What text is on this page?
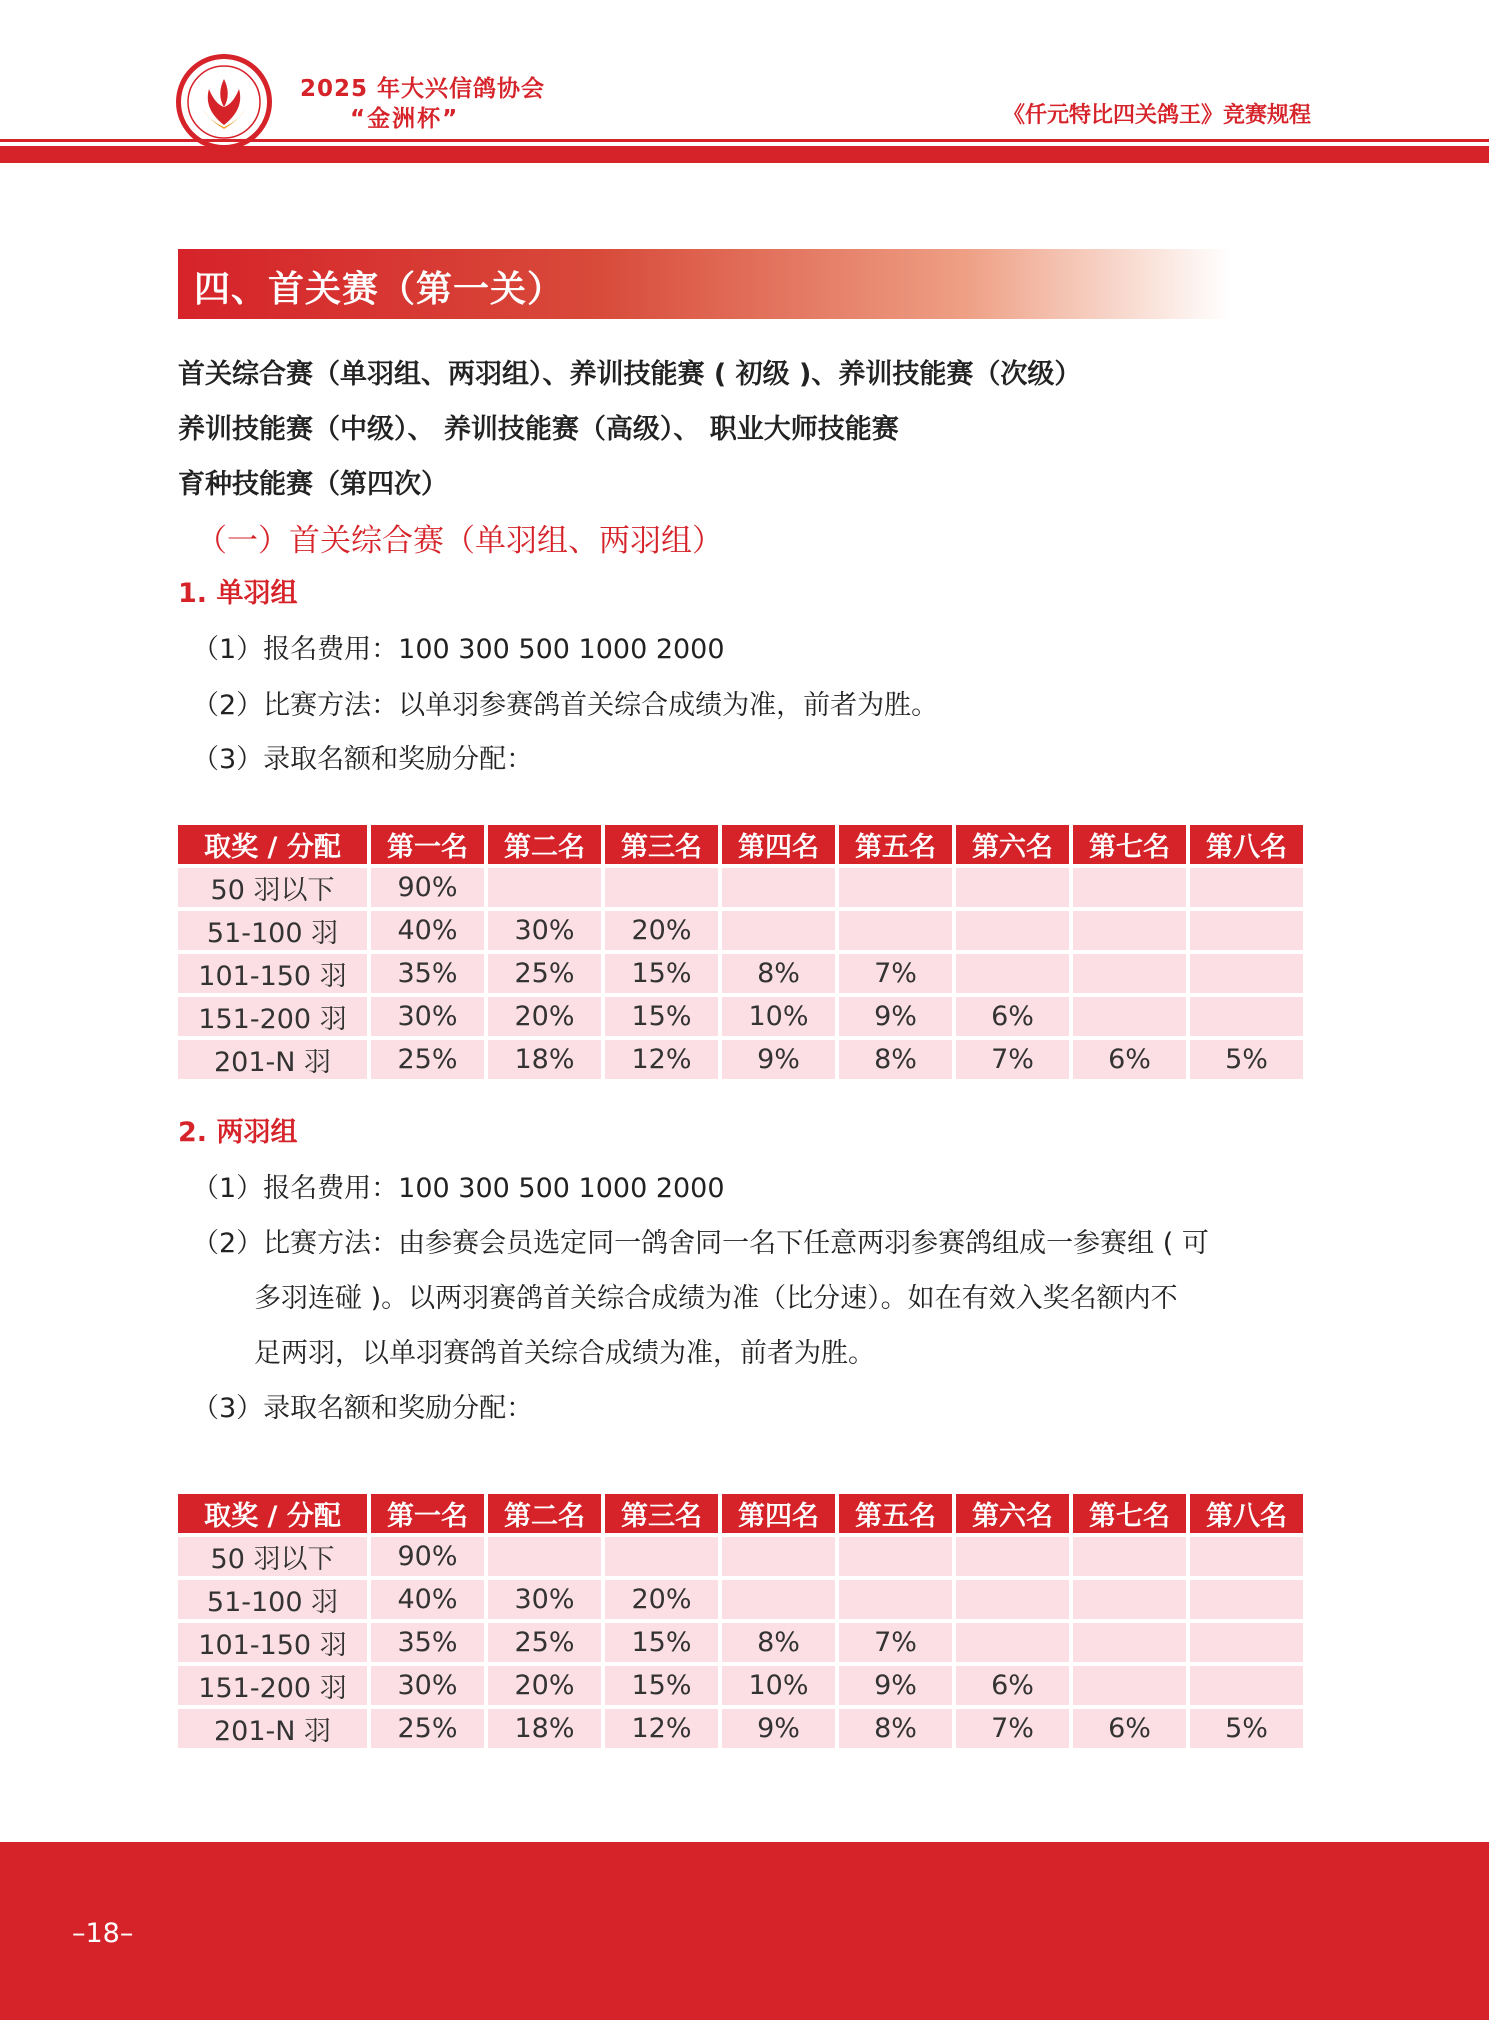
2025 年大兴信鸽协会
“金洲杯”	《仟元特比四关鸽王》竞赛规程
四、首关赛（第一关）
首关综合赛（单羽组、两羽组）、养训技能赛 ( 初级 )、养训技能赛（次级）
养训技能赛（中级）、 养训技能赛（高级）、 职业大师技能赛
育种技能赛（第四次）
（一）首关综合赛（单羽组、两羽组）
1. 单羽组
（1）报名费用：100 300 500 1000 2000
（2）比赛方法：以单羽参赛鸽首关综合成绩为准，前者为胜。
（3）录取名额和奖励分配：
取奖 / 分配	第一名	第二名	第三名	第四名	第五名	第六名	第七名	第八名
50 羽以下	90%							
51-100 羽	40%	30%	20%					
101-150 羽	35%	25%	15%	8%	7%			
151-200 羽	30%	20%	15%	10%	9%	6%		
201-N 羽	25%	18%	12%	9%	8%	7%	6%	5%
2. 两羽组
（1）报名费用：100 300 500 1000 2000
（2）比赛方法：由参赛会员选定同一鸽舍同一名下任意两羽参赛鸽组成一参赛组 ( 可
多羽连碰 )。以两羽赛鸽首关综合成绩为准（比分速）。如在有效入奖名额内不
足两羽，以单羽赛鸽首关综合成绩为准，前者为胜。
（3）录取名额和奖励分配：
取奖 / 分配	第一名	第二名	第三名	第四名	第五名	第六名	第七名	第八名
50 羽以下	90%							
51-100 羽	40%	30%	20%					
101-150 羽	35%	25%	15%	8%	7%			
151-200 羽	30%	20%	15%	10%	9%	6%		
201-N 羽	25%	18%	12%	9%	8%	7%	6%	5%
–18–
